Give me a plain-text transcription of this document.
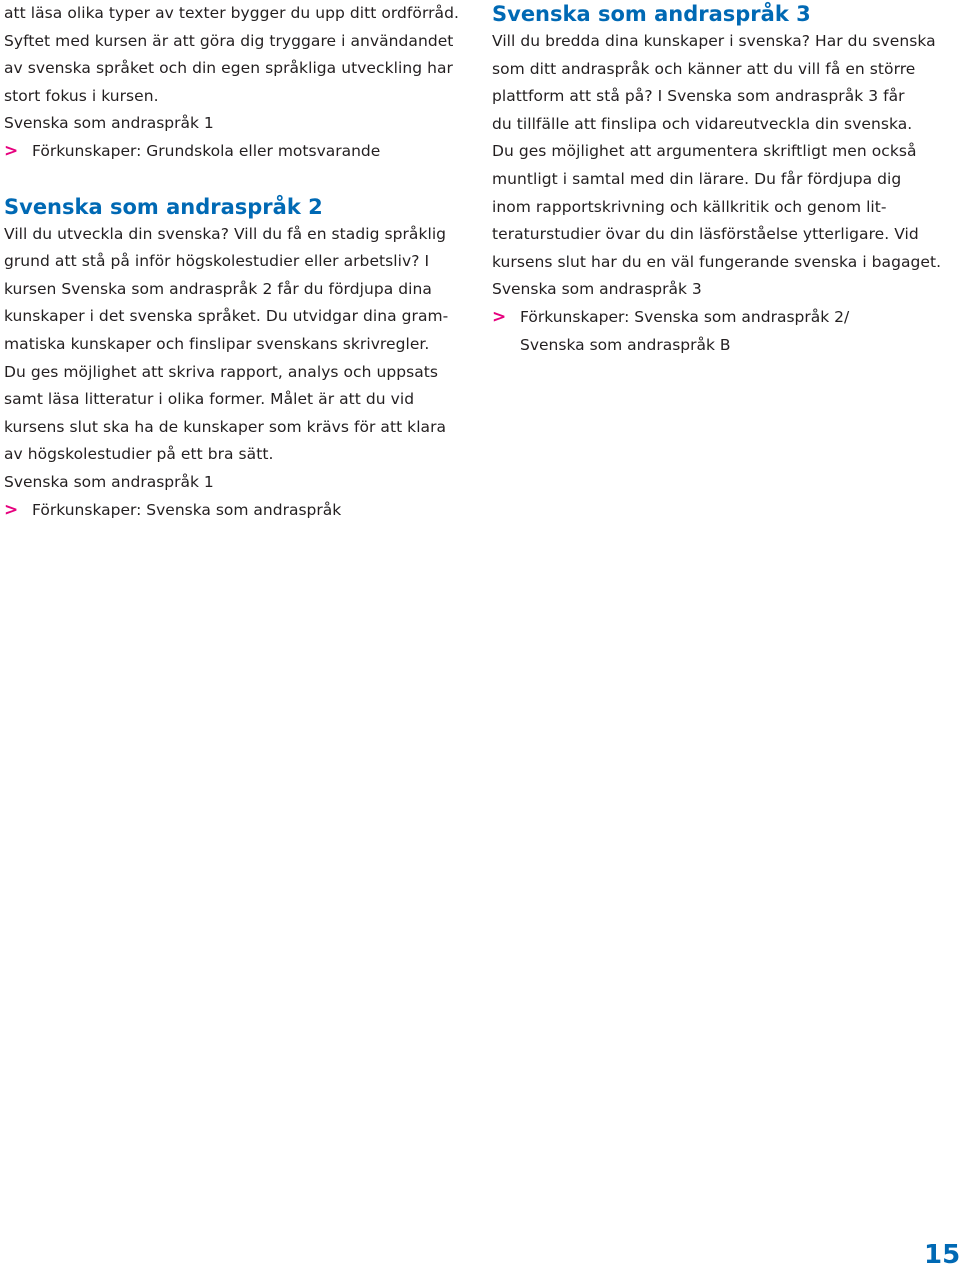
att läsa olika typer av texter bygger du upp ditt ordförråd.
Syftet med kursen är att göra dig tryggare i användandet
av svenska språket och din egen språkliga utveckling har
stort fokus i kursen.

Svenska som andraspråk 1
> Förkunskaper: Grundskola eller motsvarande
Svenska som andraspråk 2

Vill du utveckla din svenska? Vill du få en stadig språklig
grund att stå på inför högskolestudier eller arbetsliv? I
kursen Svenska som andraspråk 2 får du fördjupa dina
kunskaper i det svenska språket. Du utvidgar dina gram-
matiska kunskaper och finslipar svenskans skrivregler.
Du ges möjlighet att skriva rapport, analys och uppsats
samt läsa litteratur i olika former. Målet är att du vid
kursens slut ska ha de kunskaper som krävs för att klara
av högskolestudier på ett bra sätt.

Svenska som andraspråk 1
> Förkunskaper: Svenska som andraspråk
Svenska som andraspråk 3

Vill du bredda dina kunskaper i svenska? Har du svenska
som ditt andraspråk och känner att du vill få en större
plattform att stå på? I Svenska som andraspråk 3 får
du tillfälle att finslipa och vidareutveckla din svenska.
Du ges möjlighet att argumentera skriftligt men också
muntligt i samtal med din lärare. Du får fördjupa dig
inom rapportskrivning och källkritik och genom lit-
teraturstudier övar du din läsförståelse ytterligare. Vid
kursens slut har du en väl fungerande svenska i bagaget.

Svenska som andraspråk 3
> Förkunskaper: Svenska som andraspråk 2/
Svenska som andraspråk B
15
